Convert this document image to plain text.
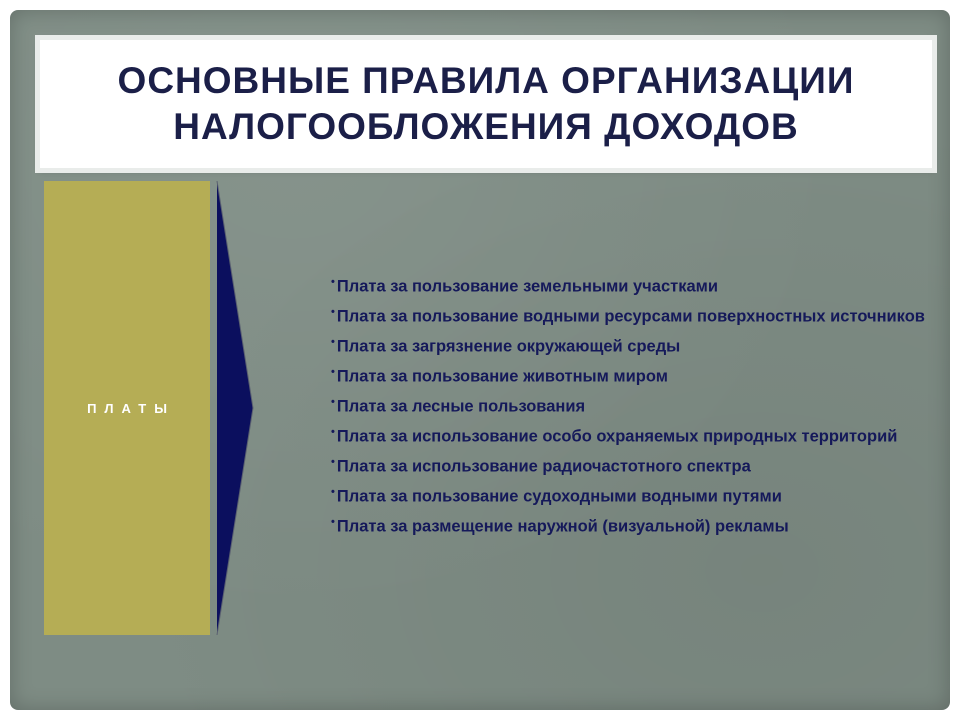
ОСНОВНЫЕ ПРАВИЛА ОРГАНИЗАЦИИ
НАЛОГООБЛОЖЕНИЯ ДОХОДОВ
ПЛАТЫ
• Плата за пользование земельными участками
• Плата за пользование водными ресурсами поверхностных источников
• Плата за загрязнение окружающей среды
• Плата за пользование животным миром
• Плата за лесные пользования
• Плата за использование особо охраняемых природных территорий
• Плата за использование радиочастотного спектра
• Плата за пользование судоходными водными путями
• Плата за размещение наружной (визуальной) рекламы
